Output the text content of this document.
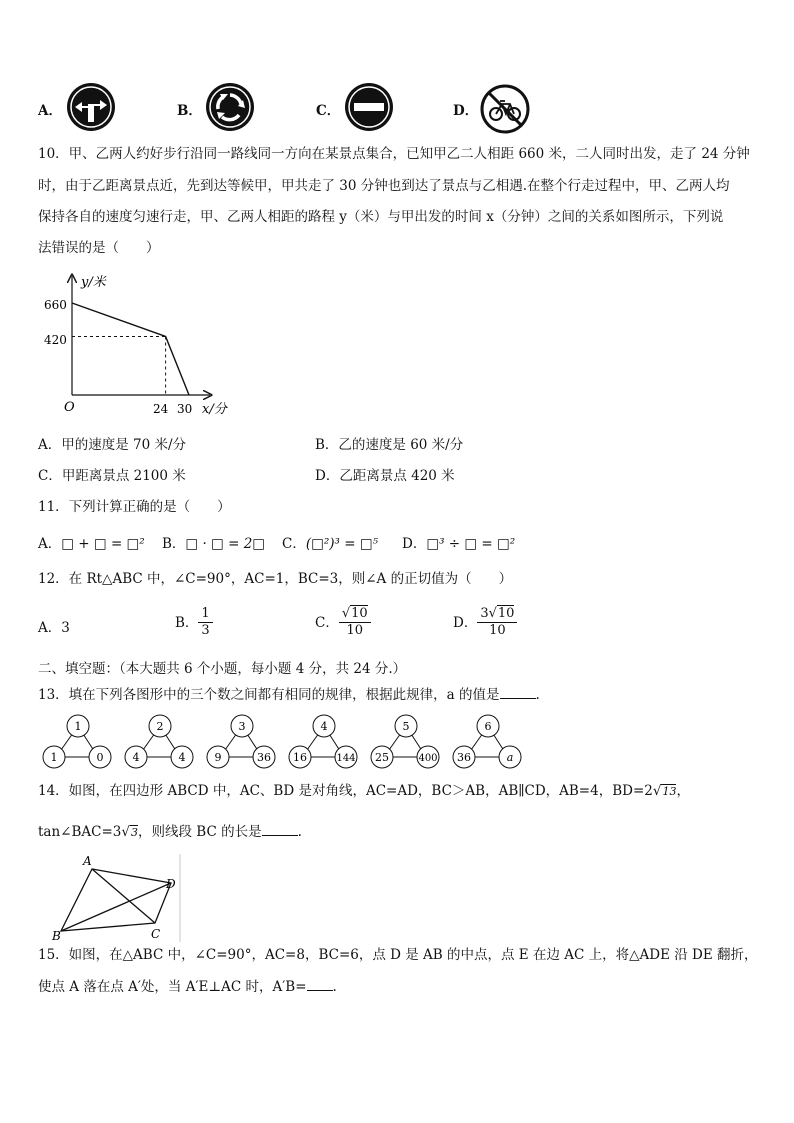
A．	B．	C．	D．
10．甲、乙两人约好步行沿同一路线同一方向在某景点集合，已知甲乙二人相距 660 米，二人同时出发，走了 24 分钟
时，由于乙距离景点近，先到达等候甲，甲共走了 30 分钟也到达了景点与乙相遇.在整个行走过程中，甲、乙两人均
保持各自的速度匀速行走，甲、乙两人相距的路程 y（米）与甲出发的时间 x（分钟）之间的关系如图所示，下列说
法错误的是（　　）
y/米
x/分
O
660
420
24 30
A．甲的速度是 70 米/分	B．乙的速度是 60 米/分
C．甲距离景点 2100 米	D．乙距离景点 420 米
11．下列计算正确的是（　　）
A．□ + □ = □² B．□ · □ = 2□ C．(□²)³ = □⁵ D．□³ ÷ □ = □²
12．在 Rt△ABC 中，∠C=90°，AC=1，BC=3，则∠A 的正切值为（　　）
A．3	B． $\frac{1}{3}$	C． $\frac{√10}{10}$	D． $\frac{3√10}{10}$
二、填空题：（本大题共 6 个小题，每小题 4 分，共 24 分.）
13．填在下列各图形中的三个数之间都有相同的规律，根据此规律，a 的值是	.
1
1	0
2
4	4
3
9	36
4
16	144
5
25	400
6
36	a
14．如图，在四边形 ABCD 中，AC、BD 是对角线，AC=AD，BC＞AB，AB∥CD，AB=4，BD=2√13，
tan∠BAC=3√3，则线段 BC 的长是	.
A
B	C
D
15．如图，在△ABC 中，∠C=90°，AC=8，BC=6，点 D 是 AB 的中点，点 E 在边 AC 上，将△ADE 沿 DE 翻折，
使点 A 落在点 A′处，当 A′E⊥AC 时，A′B= .
